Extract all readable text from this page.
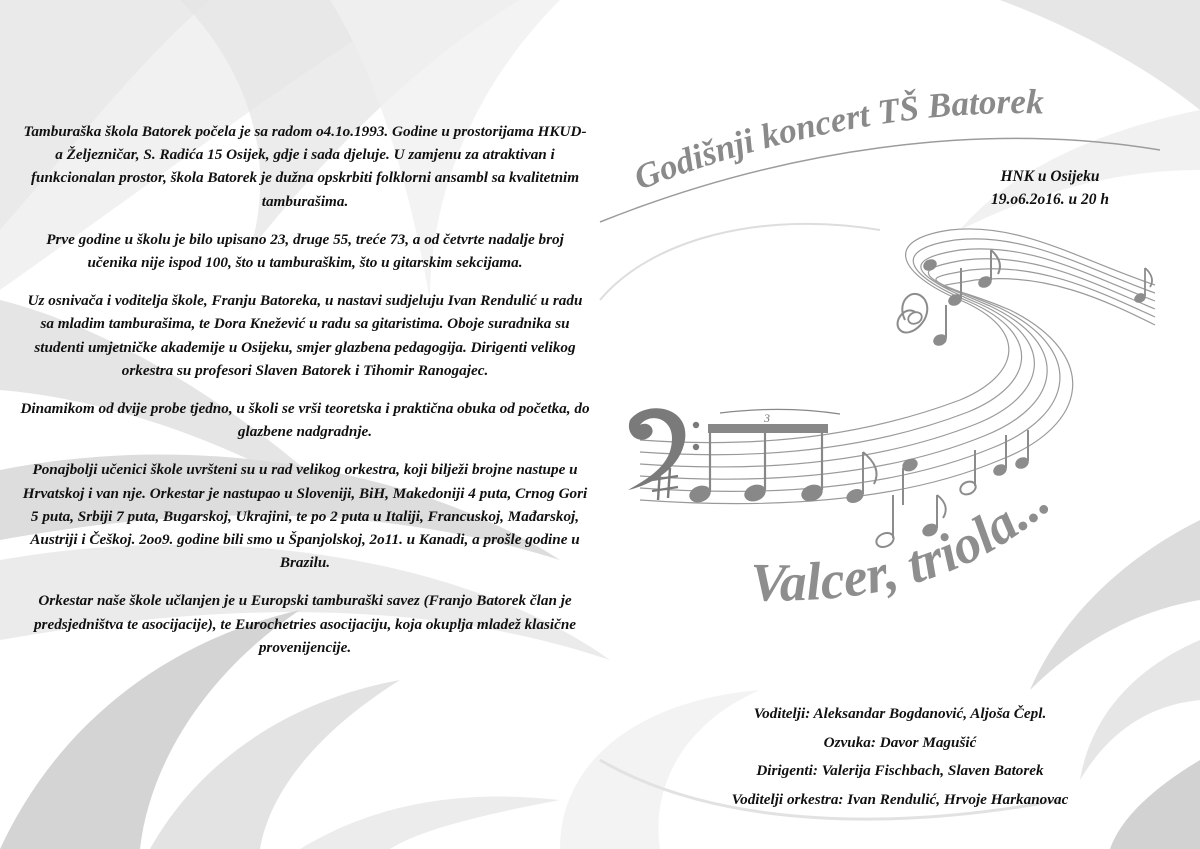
3
Godišnji koncert TŠ Batorek
Valcer, triola...

Tamburaška škola Batorek počela je sa radom o4.1o.1993. Godine u prostorijama HKUD-a Željezničar, S. Radića 15 Osijek, gdje i sada djeluje. U zamjenu za atraktivan i funkcionalan prostor, škola Batorek je dužna opskrbiti folklorni ansambl sa kvalitetnim tamburašima.

Prve godine u školu je bilo upisano 23, druge 55, treće 73, a od četvrte nadalje broj učenika nije ispod 100, što u tamburaškim, što u gitarskim sekcijama.

Uz osnivača i voditelja škole, Franju Batoreka, u nastavi sudjeluju Ivan Rendulić u radu sa mladim tamburašima, te Dora Knežević u radu sa gitaristima. Oboje suradnika su studenti umjetničke akademije u Osijeku, smjer glazbena pedagogija. Dirigenti velikog orkestra su profesori Slaven Batorek i Tihomir Ranogajec.

Dinamikom od dvije probe tjedno, u školi se vrši teoretska i praktična obuka od početka, do glazbene nadgradnje.

Ponajbolji učenici škole uvršteni su u rad velikog orkestra, koji bilježi brojne nastupe u Hrvatskoj i van nje. Orkestar je nastupao u Sloveniji, BiH, Makedoniji 4 puta, Crnog Gori 5 puta, Srbiji 7 puta, Bugarskoj, Ukrajini, te po 2 puta u Italiji, Francuskoj, Mađarskoj, Austriji i Češkoj. 2oo9. godine bili smo u Španjolskoj, 2o11. u Kanadi, a prošle godine u Brazilu.

Orkestar naše škole učlanjen je u Europski tamburaški savez (Franjo Batorek član je predsjedništva te asocijacije), te Eurochetries asocijaciju, koja okuplja mladež klasične provenijencije.

HNK u Osijeku
19.o6.2o16. u 20 h
Voditelji: Aleksandar Bogdanović, Aljoša Čepl.
Ozvuka: Davor Magušić
Dirigenti: Valerija Fischbach, Slaven Batorek
Voditelji orkestra: Ivan Rendulić, Hrvoje Harkanovac
